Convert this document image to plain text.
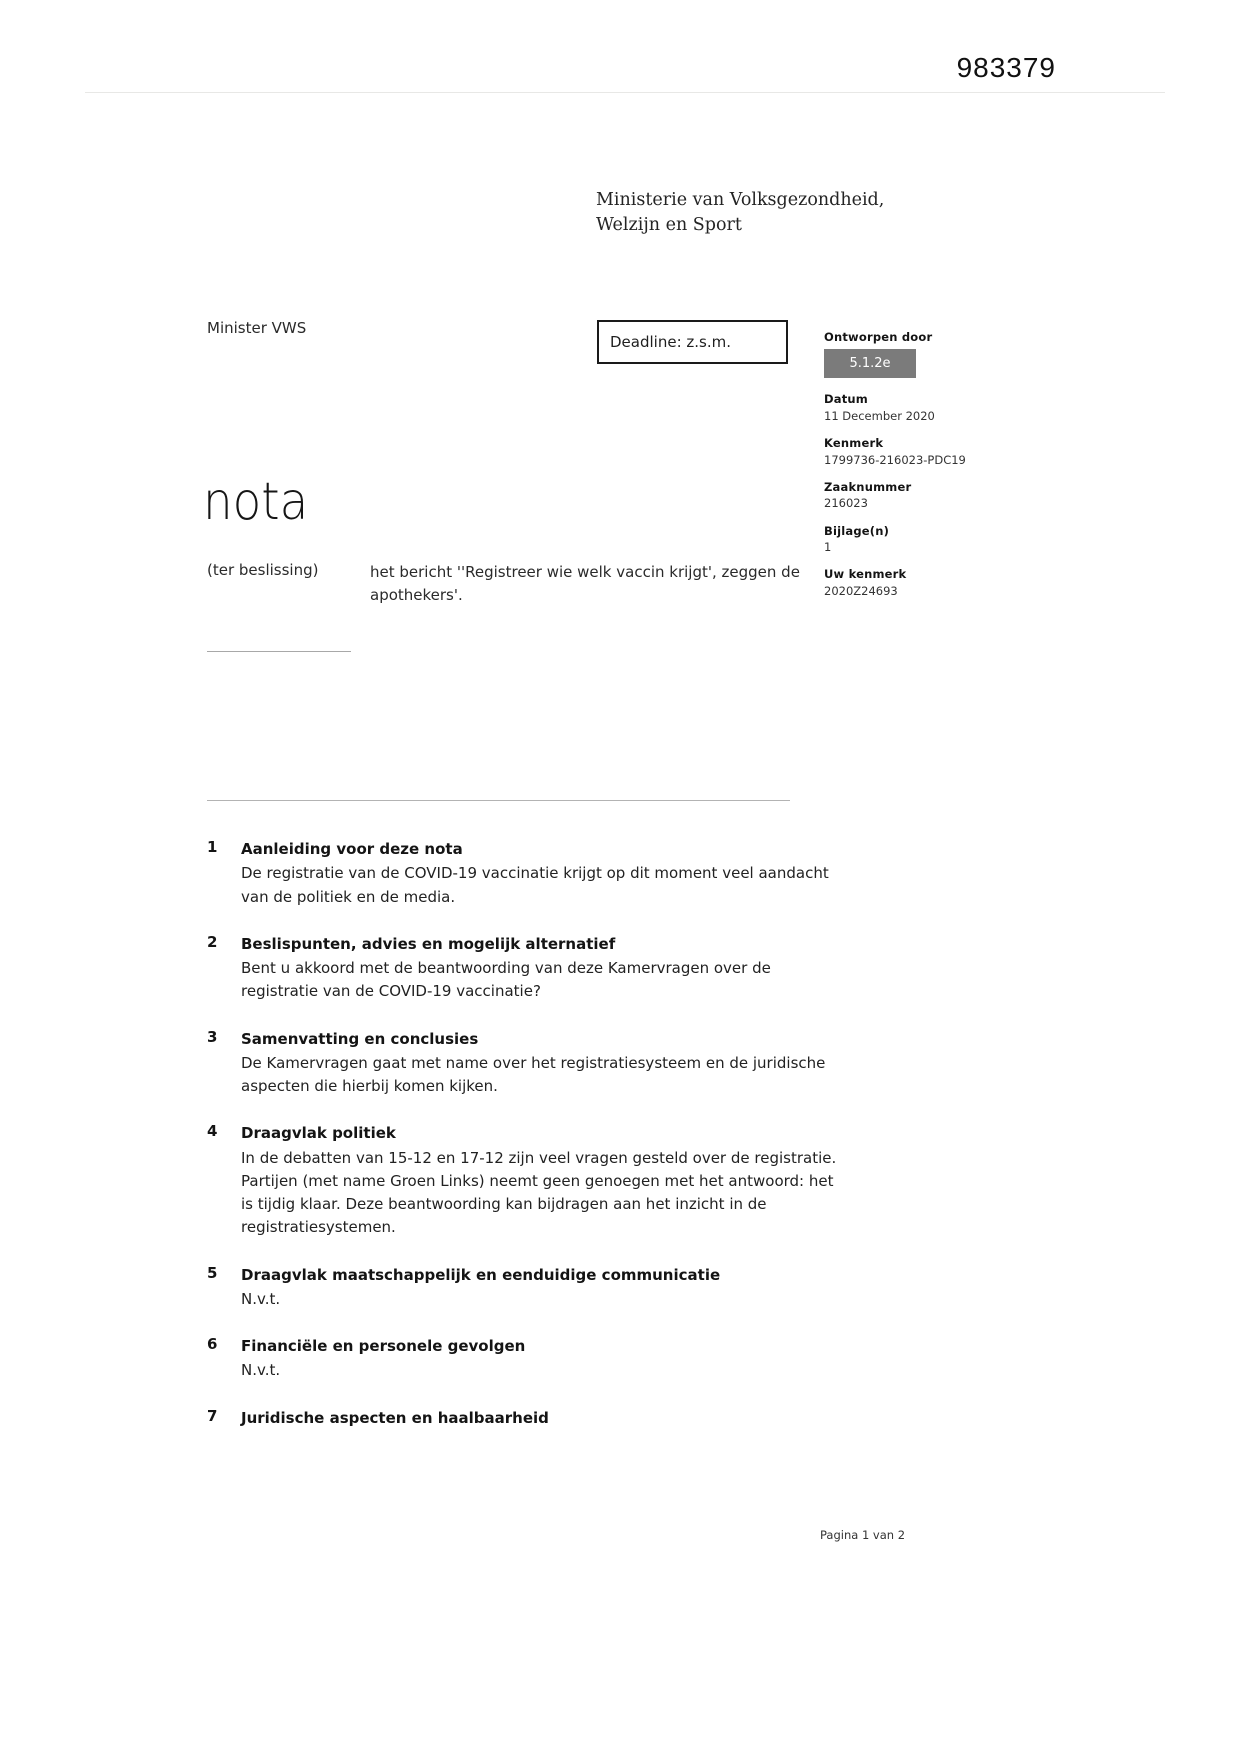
983379
Ministerie van Volksgezondheid,
Welzijn en Sport
Minister VWS
Deadline: z.s.m.	Ontworpen door
5.1.2e
Datum
11 December 2020
Kenmerk
1799736-216023-PDC19
Zaaknummer
216023
Bijlage(n)
1
Uw kenmerk
2020Z24693
nota
(ter beslissing)	het bericht ''Registreer wie welk vaccin krijgt', zeggen de apothekers'.
1	Aanleiding voor deze nota
De registratie van de COVID-19 vaccinatie krijgt op dit moment veel aandacht van de politiek en de media.
2	Beslispunten, advies en mogelijk alternatief
Bent u akkoord met de beantwoording van deze Kamervragen over de registratie van de COVID-19 vaccinatie?
3	Samenvatting en conclusies
De Kamervragen gaat met name over het registratiesysteem en de juridische aspecten die hierbij komen kijken.
4	Draagvlak politiek
In de debatten van 15-12 en 17-12 zijn veel vragen gesteld over de registratie. Partijen (met name Groen Links) neemt geen genoegen met het antwoord: het is tijdig klaar. Deze beantwoording kan bijdragen aan het inzicht in de registratiesystemen.
5	Draagvlak maatschappelijk en eenduidige communicatie
N.v.t.
6	Financiële en personele gevolgen
N.v.t.
7	Juridische aspecten en haalbaarheid
Pagina 1 van 2
